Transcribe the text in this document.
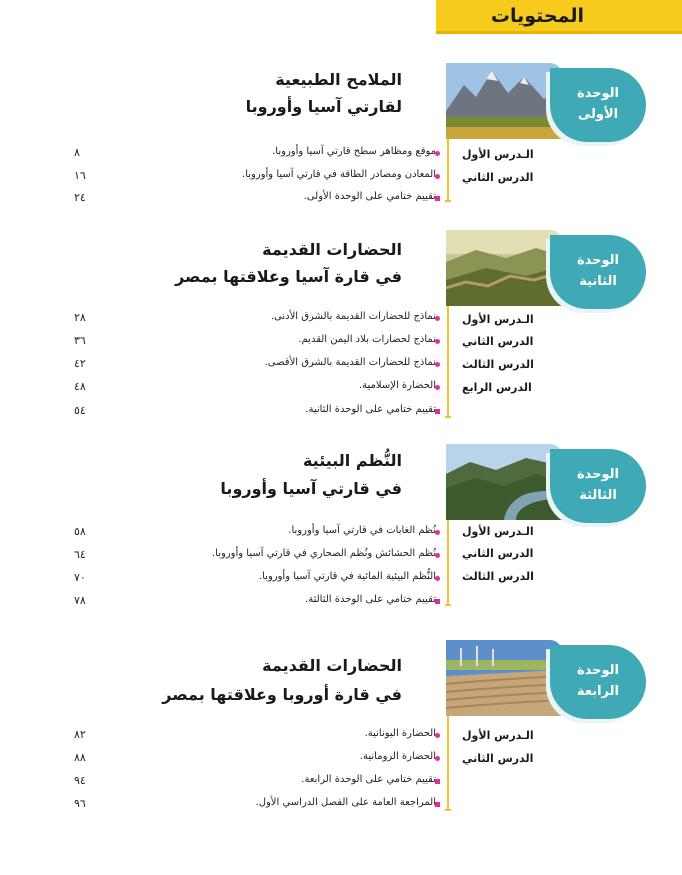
المحتويات
الوحدة
الأولى
الملامح الطبيعية
لقارتي آسيا وأوروبا
الـدرس الأول
الدرس الثاني
موقع ومظاهر سطح قارتي آسيا وأوروبا.
٨
المعادن ومصادر الطاقة في قارتي آسيا وأوروبا.
١٦
تقييم ختامي على الوحدة الأولى.
٢٤
الوحدة
الثانية
الحضارات القديمة
في قارة آسيا وعلاقتها بمصر
الـدرس الأول
الدرس الثاني
الدرس الثالث
الدرس الرابع
نماذج للحضارات القديمة بالشرق الأدنى.
٢٨
نماذج لحضارات بلاد اليمن القديم.
٣٦
نماذج للحضارات القديمة بالشرق الأقصى.
٤٢
الحضارة الإسلامية.
٤٨
تقييم ختامي على الوحدة الثانية.
٥٤
الوحدة
الثالثة
النُّظم البيئية
في قارتي آسيا وأوروبا
الـدرس الأول
الدرس الثاني
الدرس الثالث
نُظم الغابات في قارتي آسيا وأوروبا.
٥٨
نُظم الحشائش ونُظم الصحاري في قارتي آسيا وأوروبا.
٦٤
النُّظم البيئية المائية في قارتي آسيا وأوروبا.
٧٠
تقييم ختامي على الوحدة الثالثة.
٧٨
الوحدة
الرابعة
الحضارات القديمة
في قارة أوروبا وعلاقتها بمصر
الـدرس الأول
الدرس الثاني
الحضارة اليونانية.
٨٢
الحضارة الرومانية.
٨٨
تقييم ختامي على الوحدة الرابعة.
٩٤
المراجعة العامة على الفصل الدراسي الأول.
٩٦
